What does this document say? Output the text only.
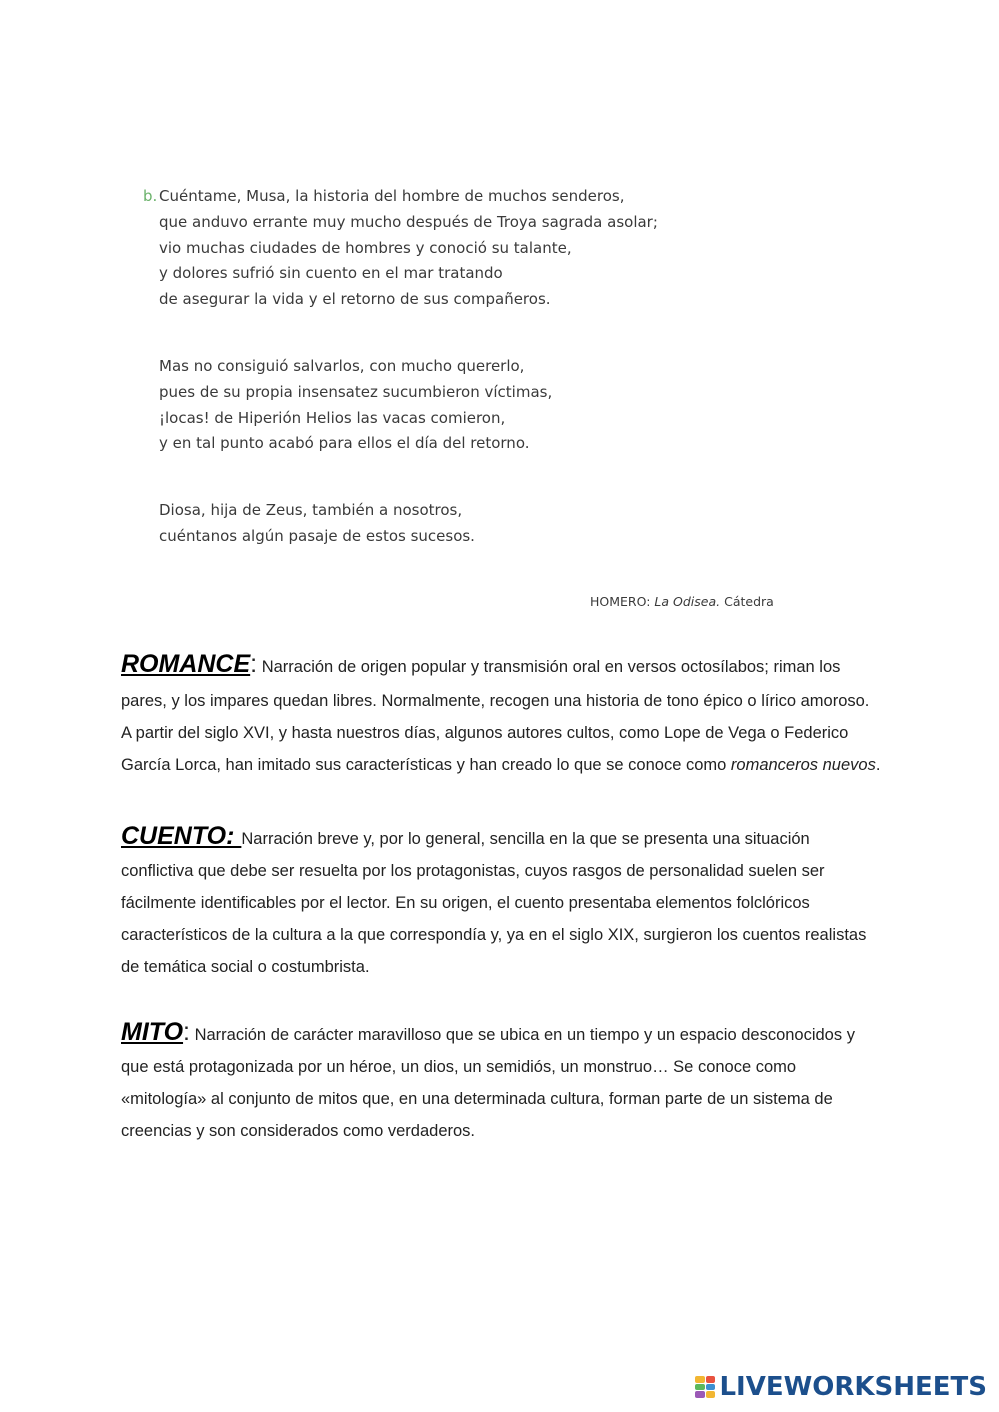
b. Cuéntame, Musa, la historia del hombre de muchos senderos,
que anduvo errante muy mucho después de Troya sagrada asolar;
vio muchas ciudades de hombres y conoció su talante,
y dolores sufrió sin cuento en el mar tratando
de asegurar la vida y el retorno de sus compañeros.
Mas no consiguió salvarlos, con mucho quererlo,
pues de su propia insensatez sucumbieron víctimas,
¡locas! de Hiperión Helios las vacas comieron,
y en tal punto acabó para ellos el día del retorno.
Diosa, hija de Zeus, también a nosotros,
cuéntanos algún pasaje de estos sucesos.
HOMERO: La Odisea. Cátedra

ROMANCE: Narración de origen popular y transmisión oral en versos octosílabos; riman los pares, y los impares quedan libres. Normalmente, recogen una historia de tono épico o lírico amoroso. A partir del siglo XVI, y hasta nuestros días, algunos autores cultos, como Lope de Vega o Federico García Lorca, han imitado sus características y han creado lo que se conoce como romanceros nuevos.

CUENTO: Narración breve y, por lo general, sencilla en la que se presenta una situación conflictiva que debe ser resuelta por los protagonistas, cuyos rasgos de personalidad suelen ser fácilmente identificables por el lector. En su origen, el cuento presentaba elementos folclóricos característicos de la cultura a la que correspondía y, ya en el siglo XIX, surgieron los cuentos realistas de temática social o costumbrista.

MITO: Narración de carácter maravilloso que se ubica en un tiempo y un espacio desconocidos y que está protagonizada por un héroe, un dios, un semidiós, un monstruo… Se conoce como «mitología» al conjunto de mitos que, en una determinada cultura, forman parte de un sistema de creencias y son considerados como verdaderos.

LIVEWORKSHEETS
